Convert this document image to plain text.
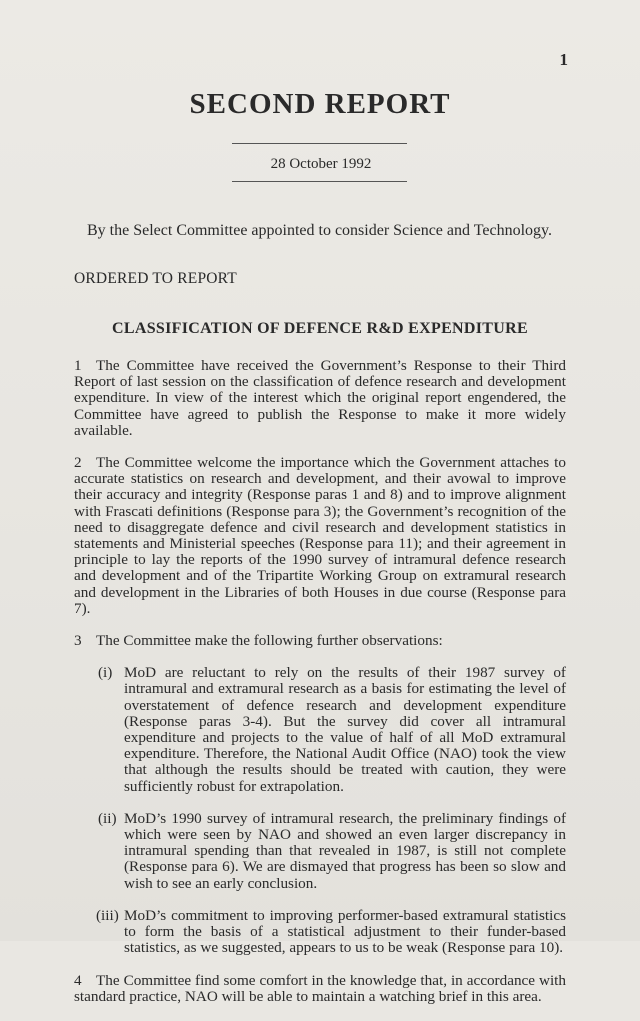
1
SECOND REPORT
28 October 1992
By the Select Committee appointed to consider Science and Technology.
ORDERED TO REPORT
CLASSIFICATION OF DEFENCE R&D EXPENDITURE

1 The Committee have received the Government’s Response to their Third Report of last session on the classification of defence research and development expenditure. In view of the interest which the original report engendered, the Committee have agreed to publish the Response to make it more widely available.

2 The Committee welcome the importance which the Government attaches to accurate statistics on research and development, and their avowal to improve their accuracy and integrity (Response paras 1 and 8) and to improve alignment with Frascati definitions (Response para 3); the Government’s recognition of the need to disaggregate defence and civil research and development statistics in statements and Ministerial speeches (Response para 11); and their agreement in principle to lay the reports of the 1990 survey of intramural defence research and development and of the Tripartite Working Group on extramural research and development in the Libraries of both Houses in due course (Response para 7).

3 The Committee make the following further observations:

(i) MoD are reluctant to rely on the results of their 1987 survey of intramural and extramural research as a basis for estimating the level of overstatement of defence research and development expenditure (Response paras 3-4). But the survey did cover all intramural expenditure and projects to the value of half of all MoD extramural expenditure. Therefore, the National Audit Office (NAO) took the view that although the results should be treated with caution, they were sufficiently robust for extrapolation.

(ii) MoD’s 1990 survey of intramural research, the preliminary findings of which were seen by NAO and showed an even larger discrepancy in intramural spending than that revealed in 1987, is still not complete (Response para 6). We are dismayed that progress has been so slow and wish to see an early conclusion.

(iii) MoD’s commitment to improving performer-based extramural statistics to form the basis of a statistical adjustment to their funder-based statistics, as we suggested, appears to us to be weak (Response para 10).

4 The Committee find some comfort in the knowledge that, in accordance with standard practice, NAO will be able to maintain a watching brief in this area.
